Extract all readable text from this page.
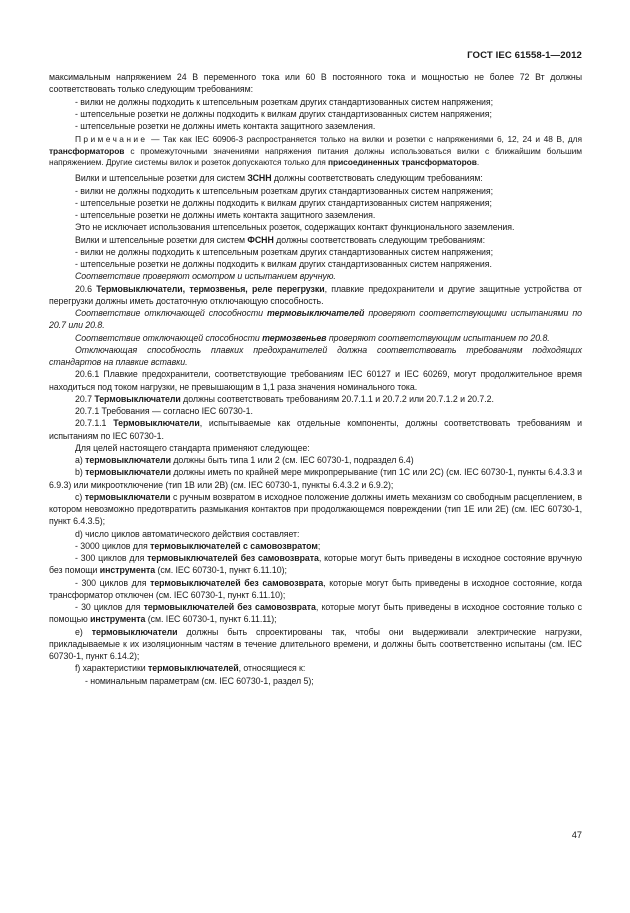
ГОСТ IEC 61558-1—2012

максимальным напряжением 24 В переменного тока или 60 В постоянного тока и мощностью не более 72 Вт должны соответствовать только следующим требованиям:

- вилки не должны подходить к штепсельным розеткам других стандартизованных систем напряжения;

- штепсельные розетки не должны подходить к вилкам других стандартизованных систем напряжения;

- штепсельные розетки не должны иметь контакта защитного заземления.

Примечание — Так как IEC 60906-3 распространяется только на вилки и розетки с напряжениями 6, 12, 24 и 48 В, для трансформаторов с промежуточными значениями напряжения питания должны использоваться вилки с ближайшим большим напряжением. Другие системы вилок и розеток допускаются только для присоединенных трансформаторов.

Вилки и штепсельные розетки для систем ЗСНН должны соответствовать следующим требованиям:

- вилки не должны подходить к штепсельным розеткам других стандартизованных систем напряжения;

- штепсельные розетки не должны подходить к вилкам других стандартизованных систем напряжения;

- штепсельные розетки не должны иметь контакта защитного заземления.

Это не исключает использования штепсельных розеток, содержащих контакт функционального заземления.

Вилки и штепсельные розетки для систем ФСНН должны соответствовать следующим требованиям:

- вилки не должны подходить к штепсельным розеткам других стандартизованных систем напряжения;

- штепсельные розетки не должны подходить к вилкам других стандартизованных систем напряжения.

Соответствие проверяют осмотром и испытанием вручную.

20.6 Термовыключатели, термозвенья, реле перегрузки, плавкие предохранители и другие защитные устройства от перегрузки должны иметь достаточную отключающую способность.

Соответствие отключающей способности термовыключателей проверяют соответствующими испытаниями по 20.7 или 20.8.

Соответствие отключающей способности термозвеньев проверяют соответствующим испытанием по 20.8.

Отключающая способность плавких предохранителей должна соответствовать требованиям подходящих стандартов на плавкие вставки.

20.6.1 Плавкие предохранители, соответствующие требованиям IEC 60127 и IEC 60269, могут продолжительное время находиться под током нагрузки, не превышающим в 1,1 раза значения номинального тока.

20.7 Термовыключатели должны соответствовать требованиям 20.7.1.1 и 20.7.2 или 20.7.1.2 и 20.7.2.

20.7.1 Требования — согласно IEC 60730-1.

20.7.1.1 Термовыключатели, испытываемые как отдельные компоненты, должны соответствовать требованиям и испытаниям по IEC 60730-1.

Для целей настоящего стандарта применяют следующее:

a) термовыключатели должны быть типа 1 или 2 (см. IEC 60730-1, подраздел 6.4)

b) термовыключатели должны иметь по крайней мере микропрерывание (тип 1C или 2C) (см. IEC 60730-1, пункты 6.4.3.3 и 6.9.3) или микроотключение (тип 1B или 2B) (см. IEC 60730-1, пункты 6.4.3.2 и 6.9.2);

c) термовыключатели с ручным возвратом в исходное положение должны иметь механизм со свободным расцеплением, в котором невозможно предотвратить размыкания контактов при продолжающемся повреждении (тип 1E или 2E) (см. IEC 60730-1, пункт 6.4.3.5);

d) число циклов автоматического действия составляет:

- 3000 циклов для термовыключателей с самовозвратом;

- 300 циклов для термовыключателей без самовозврата, которые могут быть приведены в исходное состояние вручную без помощи инструмента (см. IEC 60730-1, пункт 6.11.10);

- 300 циклов для термовыключателей без самовозврата, которые могут быть приведены в исходное состояние, когда трансформатор отключен (см. IEC 60730-1, пункт 6.11.10);

- 30 циклов для термовыключателей без самовозврата, которые могут быть приведены в исходное состояние только с помощью инструмента (см. IEC 60730-1, пункт 6.11.11);

e) термовыключатели должны быть спроектированы так, чтобы они выдерживали электрические нагрузки, прикладываемые к их изоляционным частям в течение длительного времени, и должны быть соответственно испытаны (см. IEC 60730-1, пункт 6.14.2);

f) характеристики термовыключателей, относящиеся к:

- номинальным параметрам (см. IEC 60730-1, раздел 5);

47
